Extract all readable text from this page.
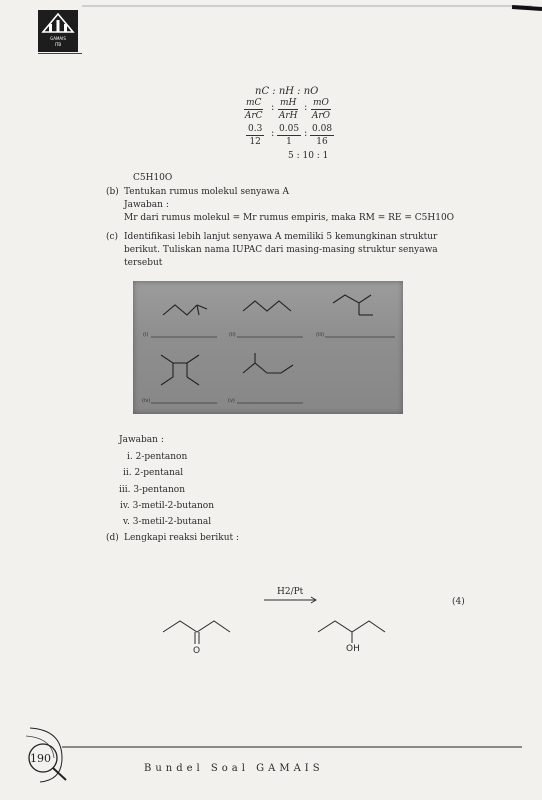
GAMAIS
ITB
nC : nH : nO
mC
ArC
: mH
ArH
: mO
ArO
$\frac{0.3}{12}$ : $\frac{0.05}{1}$ : $\frac{0.08}{16}$
5 : 10 : 1
C5H10O
(b) Tentukan rumus molekul senyawa A
Jawaban :
Mr dari rumus molekul = Mr rumus empiris, maka RM = RE = C5H10O
(c) Identifikasi lebih lanjut senyawa A memiliki 5 kemungkinan struktur
berikut. Tuliskan nama IUPAC dari masing-masing struktur senyawa
tersebut
(i)	(ii)	(iii)
(iv)	(v)
Jawaban :
i. 2-pentanon
ii. 2-pentanal
iii. 3-pentanon
iv. 3-metil-2-butanon
v. 3-metil-2-butanal
(d) Lengkapi reaksi berikut :
H2/Pt
O	OH
(4)
190
Bundel Soal GAMAIS
